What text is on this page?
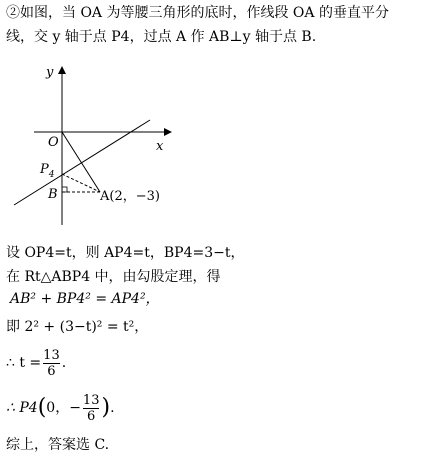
②如图，当 OA 为等腰三角形的底时，作线段 OA 的垂直平分
线，交 y 轴于点 P4，过点 A 作 AB⊥y 轴于点 B.
y
x
O
$P_4$
B	A(2，−3)
设 OP4=t，则 AP4=t，BP4=3−t，
在 Rt△ABP4 中，由勾股定理，得
AB² + BP4² = AP4²，
即 2² + (3−t)² = t²，
∴ $t = \frac{13}{6}$ .
∴ P4 ( 0，− $\frac{13}{6}$ ) .
综上，答案选 C.
